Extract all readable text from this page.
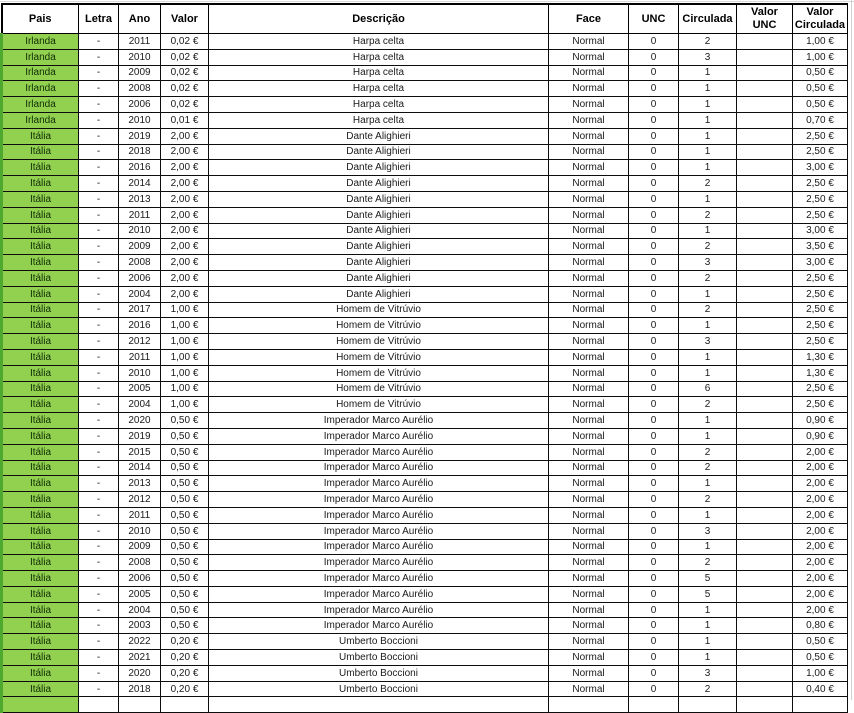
Pais	Letra	Ano	Valor	Descrição	Face	UNC	Circulada	Valor UNC	Valor Circulada
Irlanda	-	2011	0,02 €	Harpa celta	Normal	0	2		1,00 €
Irlanda	-	2010	0,02 €	Harpa celta	Normal	0	3		1,00 €
Irlanda	-	2009	0,02 €	Harpa celta	Normal	0	1		0,50 €
Irlanda	-	2008	0,02 €	Harpa celta	Normal	0	1		0,50 €
Irlanda	-	2006	0,02 €	Harpa celta	Normal	0	1		0,50 €
Irlanda	-	2010	0,01 €	Harpa celta	Normal	0	1		0,70 €
Itália	-	2019	2,00 €	Dante Alighieri	Normal	0	1		2,50 €
Itália	-	2018	2,00 €	Dante Alighieri	Normal	0	1		2,50 €
Itália	-	2016	2,00 €	Dante Alighieri	Normal	0	1		3,00 €
Itália	-	2014	2,00 €	Dante Alighieri	Normal	0	2		2,50 €
Itália	-	2013	2,00 €	Dante Alighieri	Normal	0	1		2,50 €
Itália	-	2011	2,00 €	Dante Alighieri	Normal	0	2		2,50 €
Itália	-	2010	2,00 €	Dante Alighieri	Normal	0	1		3,00 €
Itália	-	2009	2,00 €	Dante Alighieri	Normal	0	2		3,50 €
Itália	-	2008	2,00 €	Dante Alighieri	Normal	0	3		3,00 €
Itália	-	2006	2,00 €	Dante Alighieri	Normal	0	2		2,50 €
Itália	-	2004	2,00 €	Dante Alighieri	Normal	0	1		2,50 €
Itália	-	2017	1,00 €	Homem de Vitrúvio	Normal	0	2		2,50 €
Itália	-	2016	1,00 €	Homem de Vitrúvio	Normal	0	1		2,50 €
Itália	-	2012	1,00 €	Homem de Vitrúvio	Normal	0	3		2,50 €
Itália	-	2011	1,00 €	Homem de Vitrúvio	Normal	0	1		1,30 €
Itália	-	2010	1,00 €	Homem de Vitrúvio	Normal	0	1		1,30 €
Itália	-	2005	1,00 €	Homem de Vitrúvio	Normal	0	6		2,50 €
Itália	-	2004	1,00 €	Homem de Vitrúvio	Normal	0	2		2,50 €
Itália	-	2020	0,50 €	Imperador Marco Aurélio	Normal	0	1		0,90 €
Itália	-	2019	0,50 €	Imperador Marco Aurélio	Normal	0	1		0,90 €
Itália	-	2015	0,50 €	Imperador Marco Aurélio	Normal	0	2		2,00 €
Itália	-	2014	0,50 €	Imperador Marco Aurélio	Normal	0	2		2,00 €
Itália	-	2013	0,50 €	Imperador Marco Aurélio	Normal	0	1		2,00 €
Itália	-	2012	0,50 €	Imperador Marco Aurélio	Normal	0	2		2,00 €
Itália	-	2011	0,50 €	Imperador Marco Aurélio	Normal	0	1		2,00 €
Itália	-	2010	0,50 €	Imperador Marco Aurélio	Normal	0	3		2,00 €
Itália	-	2009	0,50 €	Imperador Marco Aurélio	Normal	0	1		2,00 €
Itália	-	2008	0,50 €	Imperador Marco Aurélio	Normal	0	2		2,00 €
Itália	-	2006	0,50 €	Imperador Marco Aurélio	Normal	0	5		2,00 €
Itália	-	2005	0,50 €	Imperador Marco Aurélio	Normal	0	5		2,00 €
Itália	-	2004	0,50 €	Imperador Marco Aurélio	Normal	0	1		2,00 €
Itália	-	2003	0,50 €	Imperador Marco Aurélio	Normal	0	1		0,80 €
Itália	-	2022	0,20 €	Umberto Boccioni	Normal	0	1		0,50 €
Itália	-	2021	0,20 €	Umberto Boccioni	Normal	0	1		0,50 €
Itália	-	2020	0,20 €	Umberto Boccioni	Normal	0	3		1,00 €
Itália	-	2018	0,20 €	Umberto Boccioni	Normal	0	2		0,40 €
